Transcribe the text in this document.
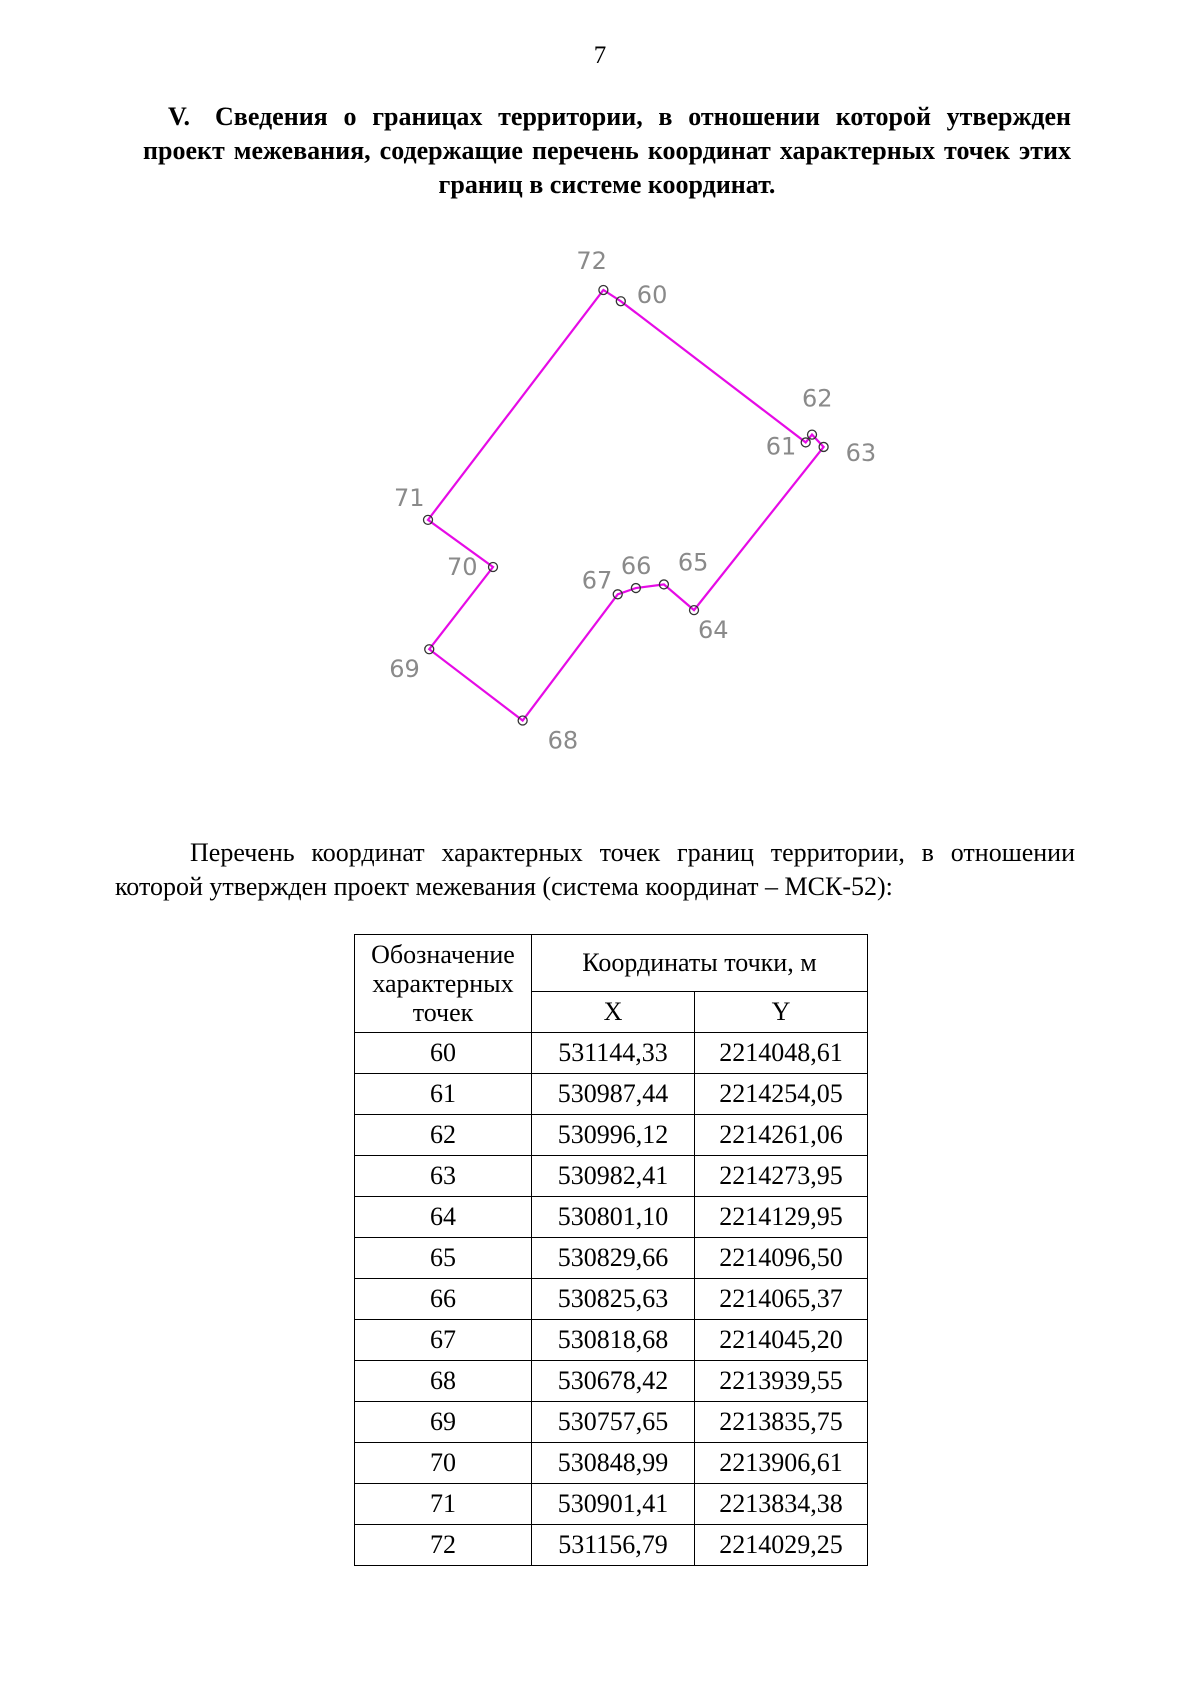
7
V. Сведения о границах территории, в отношении которой утвержден проект межевания, содержащие перечень координат характерных точек этих границ в системе координат.
60
61
62
63
64
65
66
67
68
69
70
71
72
Перечень координат характерных точек границ территории, в отношении которой утвержден проект межевания (система координат – МСК-52):
Обозначение характерных точек	Координаты точки, м	
	X	Y
60	531144,33	2214048,61
61	530987,44	2214254,05
62	530996,12	2214261,06
63	530982,41	2214273,95
64	530801,10	2214129,95
65	530829,66	2214096,50
66	530825,63	2214065,37
67	530818,68	2214045,20
68	530678,42	2213939,55
69	530757,65	2213835,75
70	530848,99	2213906,61
71	530901,41	2213834,38
72	531156,79	2214029,25
